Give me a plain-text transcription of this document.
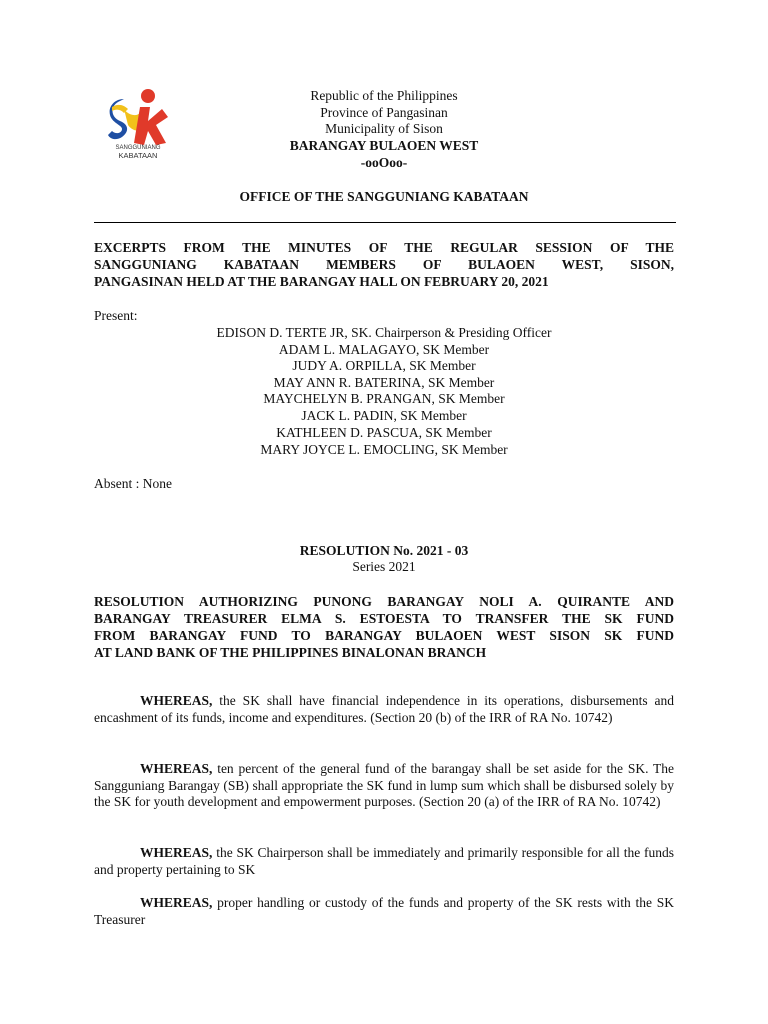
SANGGUNIANG
KABATAAN
Republic of the Philippines
Province of Pangasinan
Municipality of Sison
BARANGAY BULAOEN WEST
-ooOoo-
OFFICE OF THE SANGGUNIANG KABATAAN
EXCERPTS FROM THE MINUTES OF THE REGULAR SESSION OF THE
SANGGUNIANG KABATAAN MEMBERS OF BULAOEN WEST, SISON,
PANGASINAN HELD AT THE BARANGAY HALL ON FEBRUARY 20, 2021
Present:
EDISON D. TERTE JR, SK. Chairperson & Presiding Officer
ADAM L. MALAGAYO, SK Member
JUDY A. ORPILLA, SK Member
MAY ANN R. BATERINA, SK Member
MAYCHELYN B. PRANGAN, SK Member
JACK L. PADIN, SK Member
KATHLEEN D. PASCUA, SK Member
MARY JOYCE L. EMOCLING, SK Member
Absent : None
RESOLUTION No. 2021 - 03
Series 2021
RESOLUTION AUTHORIZING PUNONG BARANGAY NOLI A. QUIRANTE AND
BARANGAY TREASURER ELMA S. ESTOESTA TO TRANSFER THE SK FUND
FROM BARANGAY FUND TO BARANGAY BULAOEN WEST SISON SK FUND
AT LAND BANK OF THE PHILIPPINES BINALONAN BRANCH
WHEREAS, the SK shall have financial independence in its operations, disbursements and encashment of its funds, income and expenditures. (Section 20 (b) of the IRR of RA No. 10742)
WHEREAS, ten percent of the general fund of the barangay shall be set aside for the SK. The Sangguniang Barangay (SB) shall appropriate the SK fund in lump sum which shall be disbursed solely by the SK for youth development and empowerment purposes. (Section 20 (a) of the IRR of RA No. 10742)
WHEREAS, the SK Chairperson shall be immediately and primarily responsible for all the funds and property pertaining to SK
WHEREAS, proper handling or custody of the funds and property of the SK rests with the SK Treasurer
